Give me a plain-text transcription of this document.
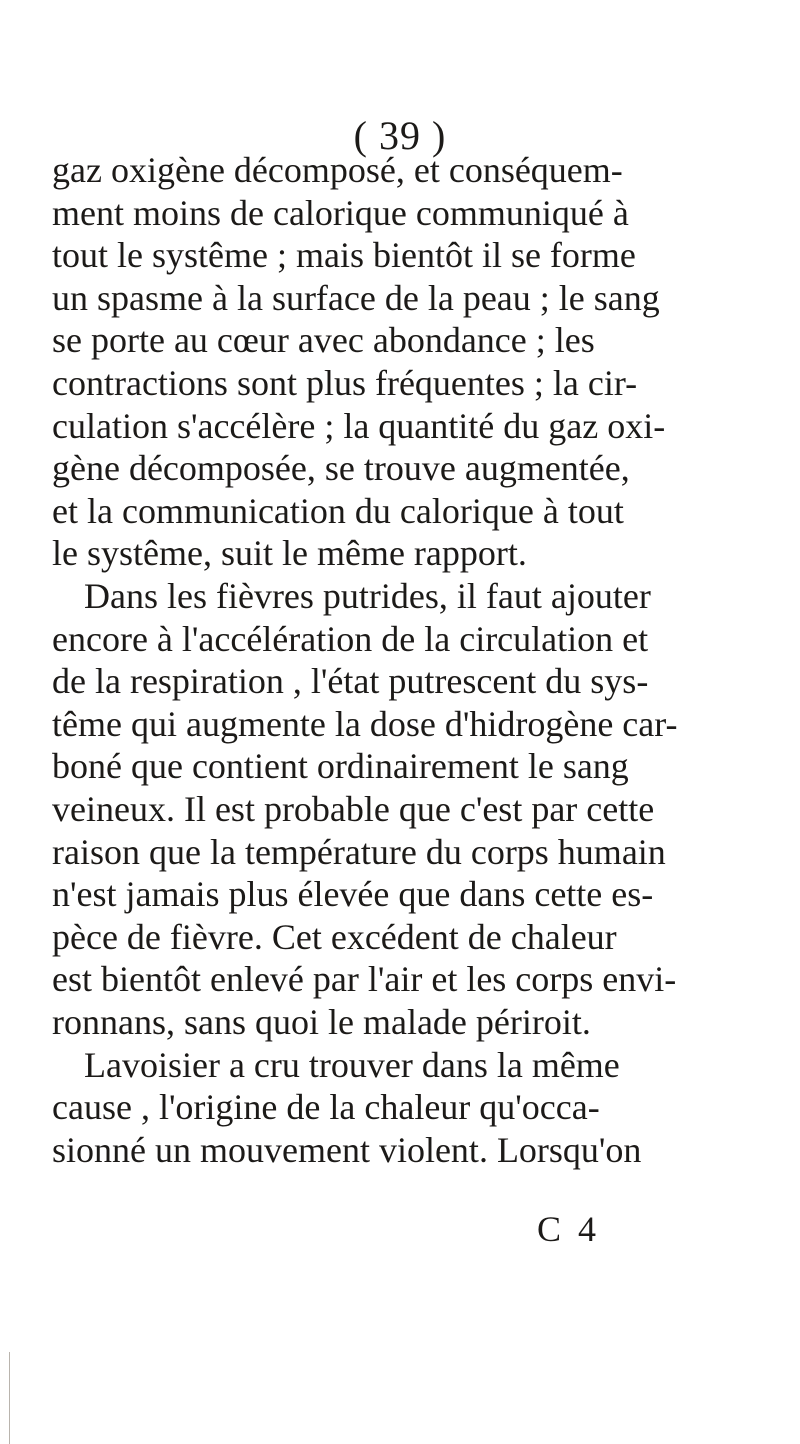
( 39 )
gaz oxigène décomposé, et conséquem-
ment moins de calorique communiqué à
tout le systême ; mais bientôt il se forme
un spasme à la surface de la peau ; le sang
se porte au cœur avec abondance ; les
contractions sont plus fréquentes ; la cir-
culation s'accélère ; la quantité du gaz oxi-
gène décomposée, se trouve augmentée,
et la communication du calorique à tout
le systême, suit le même rapport.
Dans les fièvres putrides, il faut ajouter
encore à l'accélération de la circulation et
de la respiration , l'état putrescent du sys-
tême qui augmente la dose d'hidrogène car-
boné que contient ordinairement le sang
veineux. Il est probable que c'est par cette
raison que la température du corps humain
n'est jamais plus élevée que dans cette es-
pèce de fièvre. Cet excédent de chaleur
est bientôt enlevé par l'air et les corps envi-
ronnans, sans quoi le malade périroit.
Lavoisier a cru trouver dans la même
cause , l'origine de la chaleur qu'occa-
sionné un mouvement violent. Lorsqu'on
C 4
